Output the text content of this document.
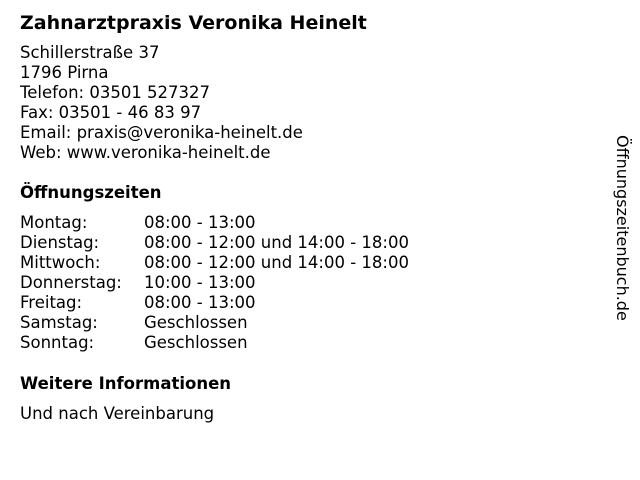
Zahnarztpraxis Veronika Heinelt
Schillerstraße 37
1796 Pirna
Telefon: 03501 527327
Fax: 03501 - 46 83 97
Email: praxis@veronika-heinelt.de
Web: www.veronika-heinelt.de
Öffnungszeiten
Montag:	08:00 - 13:00
Dienstag:	08:00 - 12:00 und 14:00 - 18:00
Mittwoch:	08:00 - 12:00 und 14:00 - 18:00
Donnerstag: 10:00 - 13:00
Freitag:	08:00 - 13:00
Samstag:	Geschlossen
Sonntag:	Geschlossen
Weitere Informationen
Und nach Vereinbarung
Öffnungszeitenbuch.de
